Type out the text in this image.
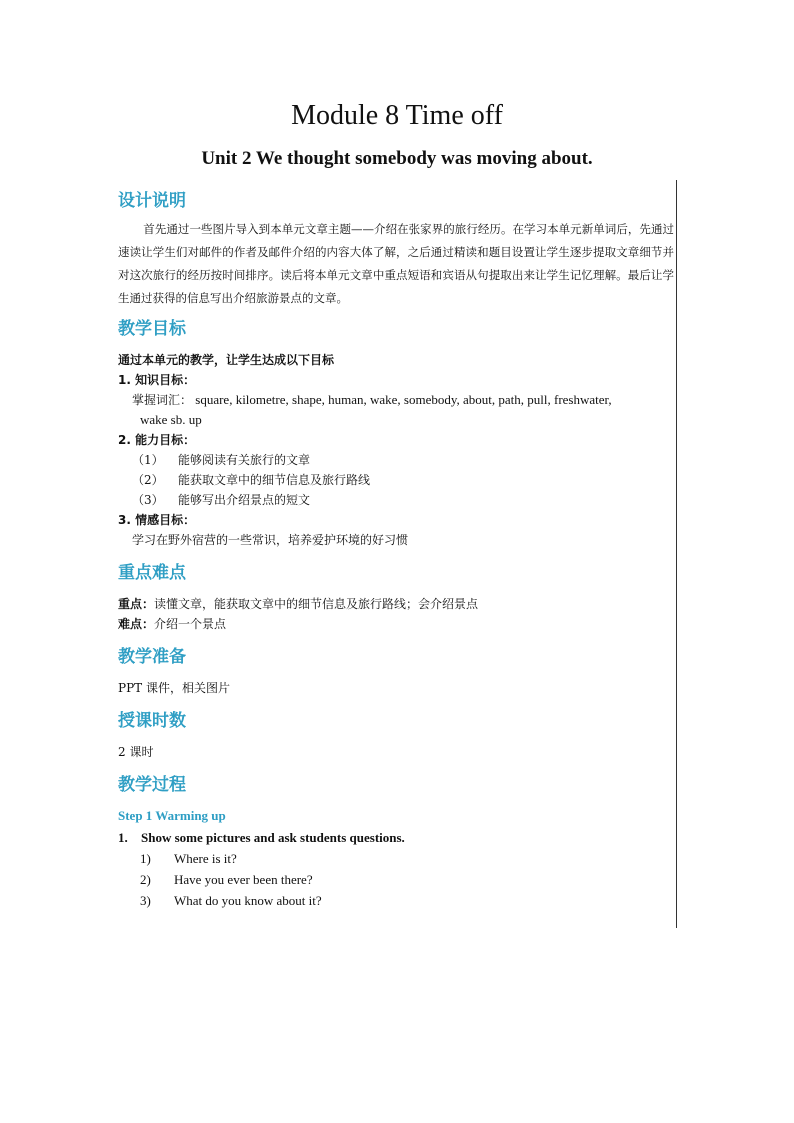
Module 8 Time off
Unit 2 We thought somebody was moving about.
设计说明
首先通过一些图片导入到本单元文章主题——介绍在张家界的旅行经历。在学习本单元新单词后，先通过速读让学生们对邮件的作者及邮件介绍的内容大体了解，之后通过精读和题目设置让学生逐步提取文章细节并对这次旅行的经历按时间排序。读后将本单元文章中重点短语和宾语从句提取出来让学生记忆理解。最后让学生通过获得的信息写出介绍旅游景点的文章。
教学目标
通过本单元的教学，让学生达成以下目标
1. 知识目标：
掌握词汇： square, kilometre, shape, human, wake, somebody, about, path, pull, freshwater,
wake sb. up
2. 能力目标：
（1） 能够阅读有关旅行的文章
（2） 能获取文章中的细节信息及旅行路线
（3） 能够写出介绍景点的短文
3. 情感目标：
学习在野外宿营的一些常识，培养爱护环境的好习惯
重点难点
重点：读懂文章，能获取文章中的细节信息及旅行路线；会介绍景点
难点：介绍一个景点
教学准备
PPT 课件，相关图片
授课时数
2 课时
教学过程
Step 1 Warming up
1. Show some pictures and ask students questions.
1) Where is it?
2) Have you ever been there?
3) What do you know about it?
